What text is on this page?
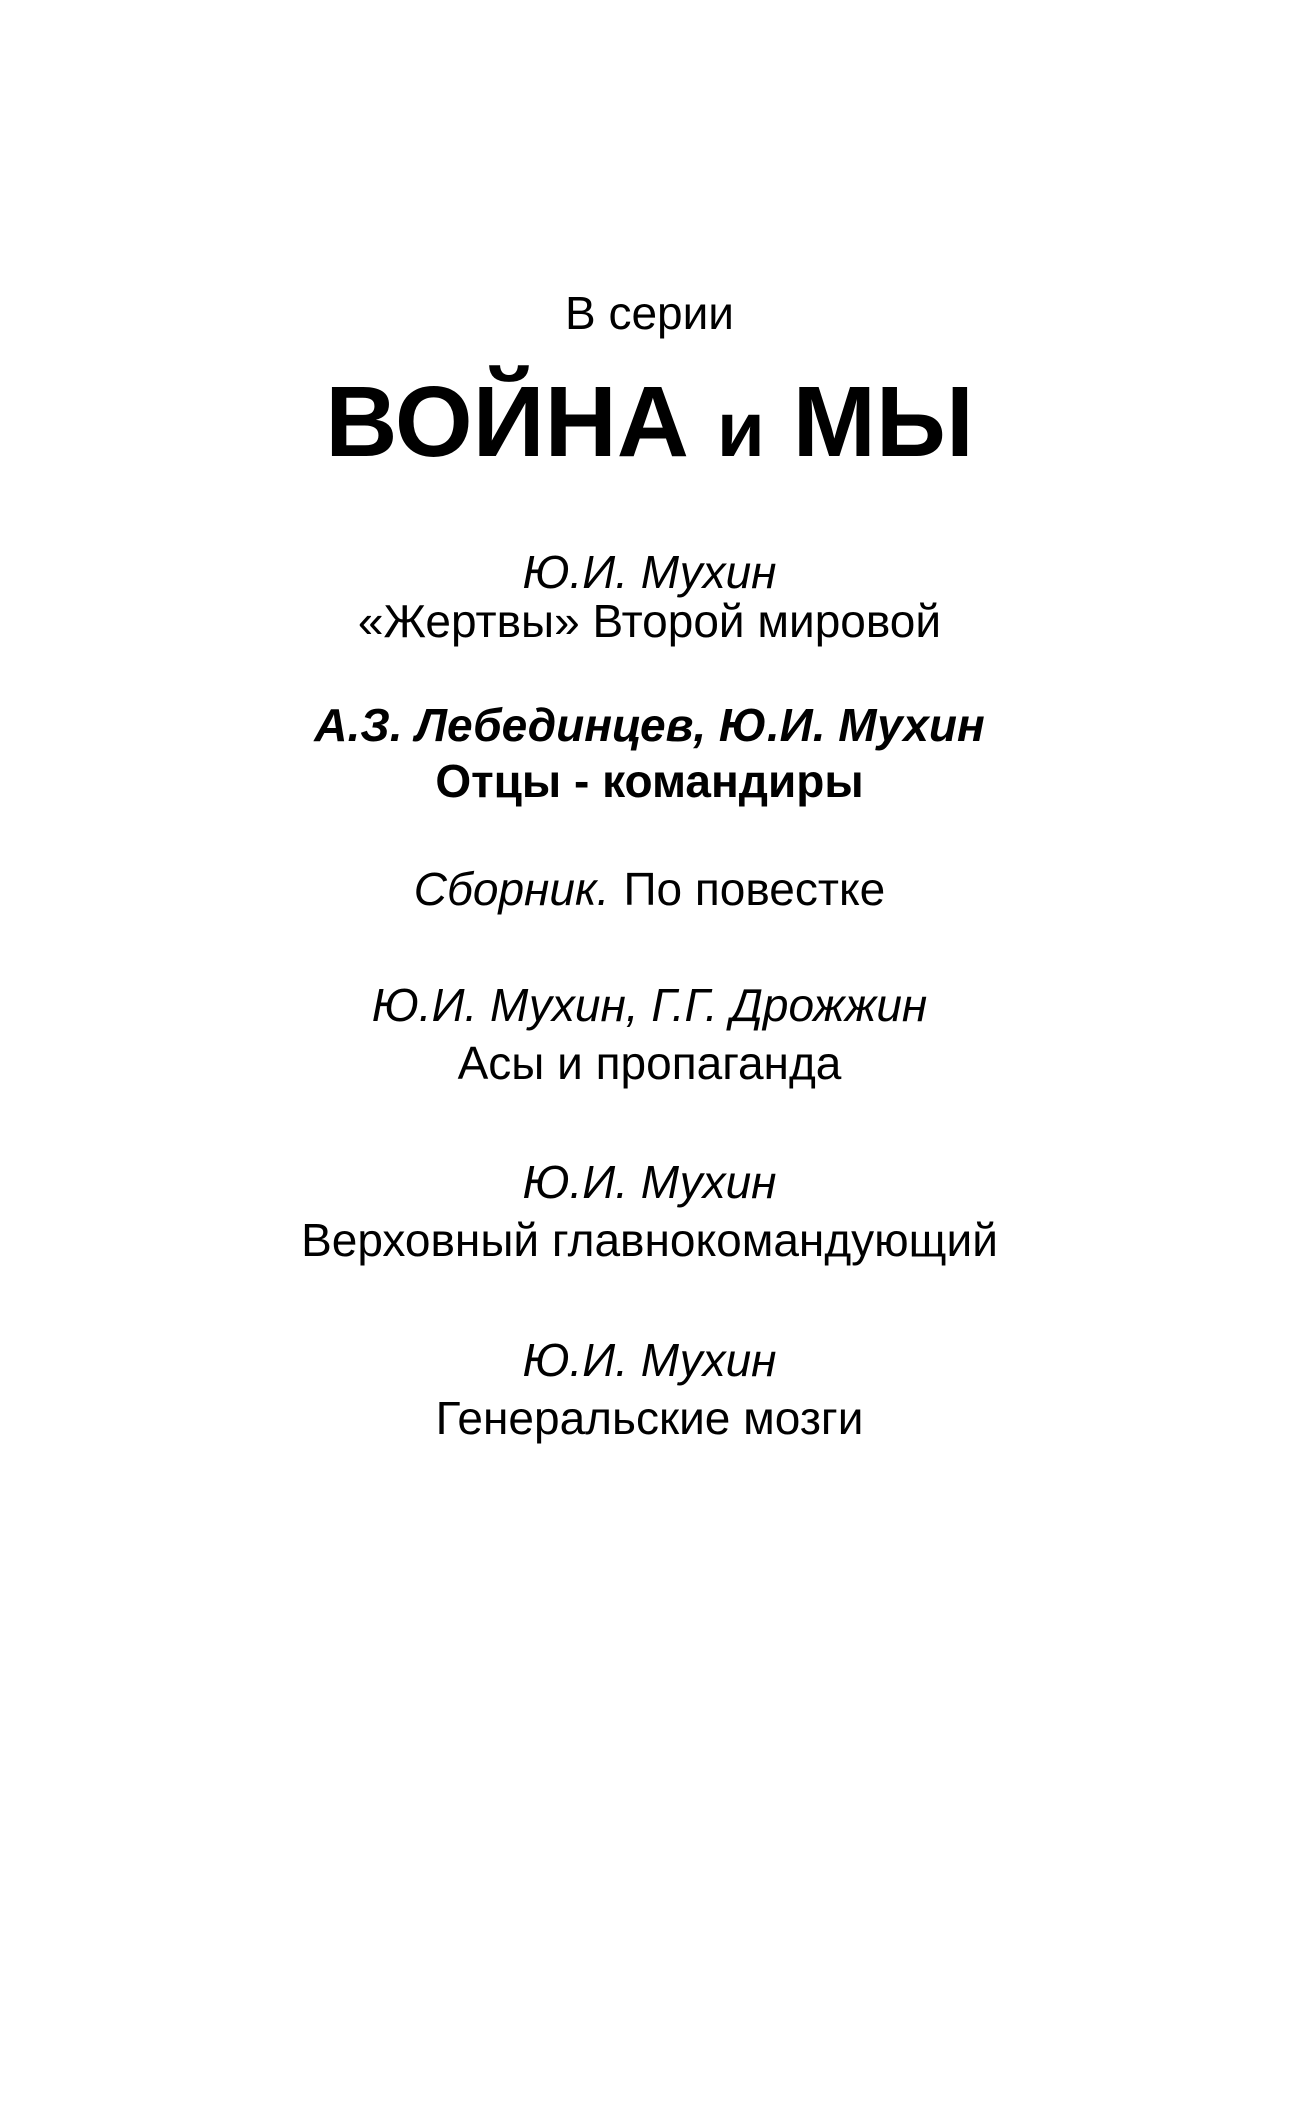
В серии
ВОЙНА и МЫ
Ю.И. Мухин
«Жертвы» Второй мировой
А.З. Лебединцев, Ю.И. Мухин
Отцы - командиры
Сборник. По повестке
Ю.И. Мухин, Г.Г. Дрожжин
Асы и пропаганда
Ю.И. Мухин
Верховный главнокомандующий
Ю.И. Мухин
Генеральские мозги
